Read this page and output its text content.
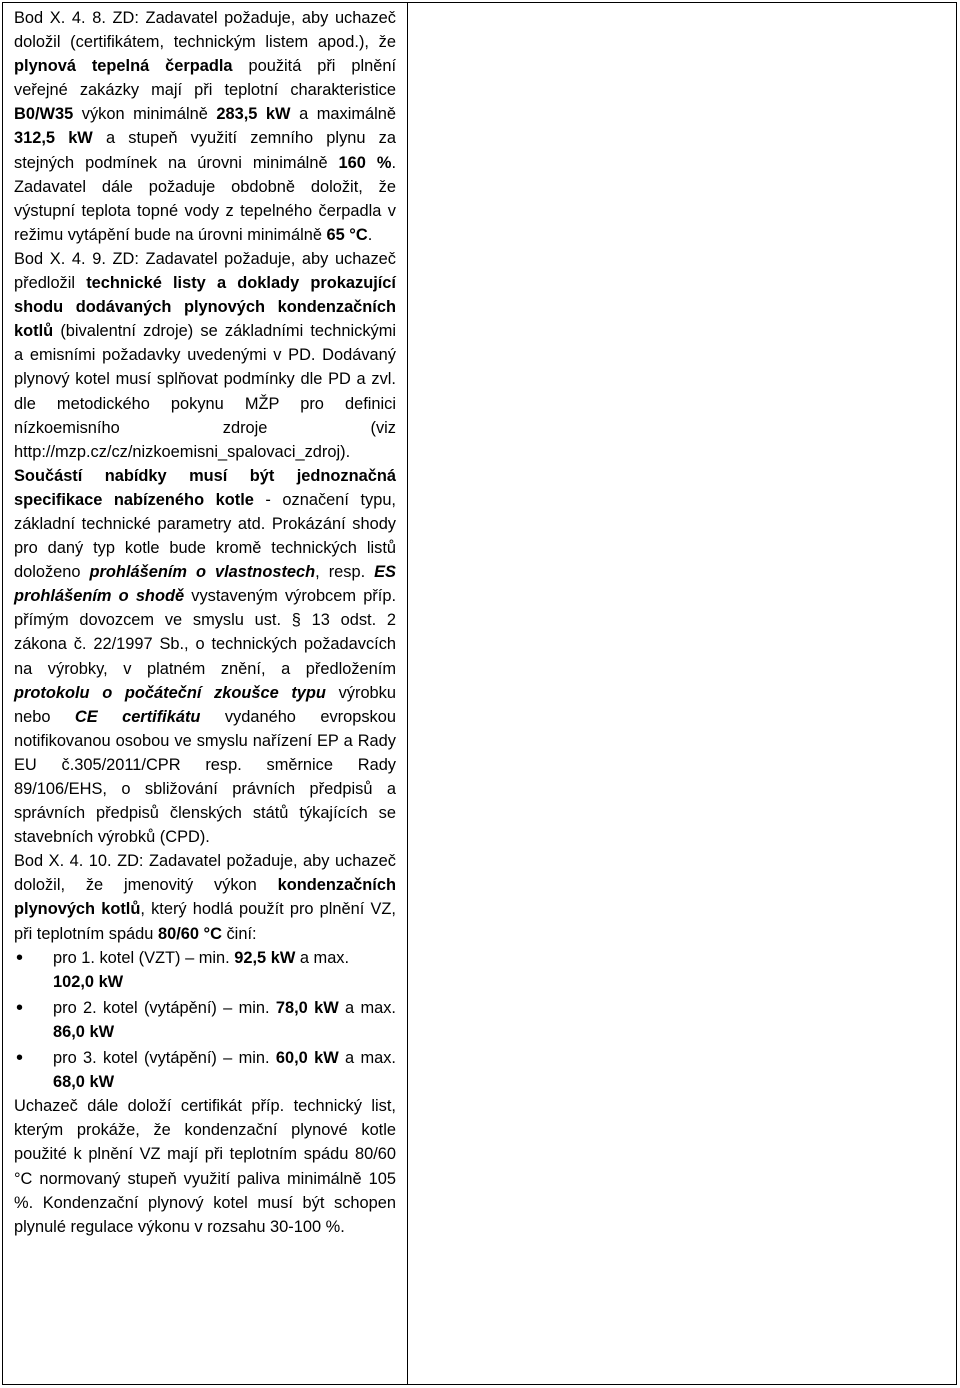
Bod X. 4. 8. ZD: Zadavatel požaduje, aby uchazeč doložil (certifikátem, technickým listem apod.), že plynová tepelná čerpadla použitá při plnění veřejné zakázky mají při teplotní charakteristice B0/W35 výkon minimálně 283,5 kW a maximálně 312,5 kW a stupeň využití zemního plynu za stejných podmínek na úrovni minimálně 160 %. Zadavatel dále požaduje obdobně doložit, že výstupní teplota topné vody z tepelného čerpadla v režimu vytápění bude na úrovni minimálně 65 °C.

Bod X. 4. 9. ZD: Zadavatel požaduje, aby uchazeč předložil technické listy a doklady prokazující shodu dodávaných plynových kondenzačních kotlů (bivalentní zdroje) se základními technickými a emisními požadavky uvedenými v PD. Dodávaný plynový kotel musí splňovat podmínky dle PD a zvl. dle metodického pokynu MŽP pro definici nízkoemisního zdroje (viz http://mzp.cz/cz/nizkoemisni_spalovaci_zdroj). Součástí nabídky musí být jednoznačná specifikace nabízeného kotle - označení typu, základní technické parametry atd. Prokázání shody pro daný typ kotle bude kromě technických listů doloženo prohlášením o vlastnostech, resp. ES prohlášením o shodě vystaveným výrobcem příp. přímým dovozcem ve smyslu ust. § 13 odst. 2 zákona č. 22/1997 Sb., o technických požadavcích na výrobky, v platném znění, a předložením protokolu o počáteční zkoušce typu výrobku nebo CE certifikátu vydaného evropskou notifikovanou osobou ve smyslu nařízení EP a Rady EU č.305/2011/CPR resp. směrnice Rady 89/106/EHS, o sbližování právních předpisů a správních předpisů členských států týkajících se stavebních výrobků (CPD).

Bod X. 4. 10. ZD: Zadavatel požaduje, aby uchazeč doložil, že jmenovitý výkon kondenzačních plynových kotlů, který hodlá použít pro plnění VZ, při teplotním spádu 80/60 °C činí:

• pro 1. kotel (VZT) – min. 92,5 kW a max.
102,0 kW
• pro 2. kotel (vytápění) – min. 78,0 kW a max. 86,0 kW
• pro 3. kotel (vytápění) – min. 60,0 kW a max. 68,0 kW

Uchazeč dále doloží certifikát příp. technický list, kterým prokáže, že kondenzační plynové kotle použité k plnění VZ mají při teplotním spádu 80/60 °C normovaný stupeň využití paliva minimálně 105 %. Kondenzační plynový kotel musí být schopen plynulé regulace výkonu v rozsahu 30-100 %.
